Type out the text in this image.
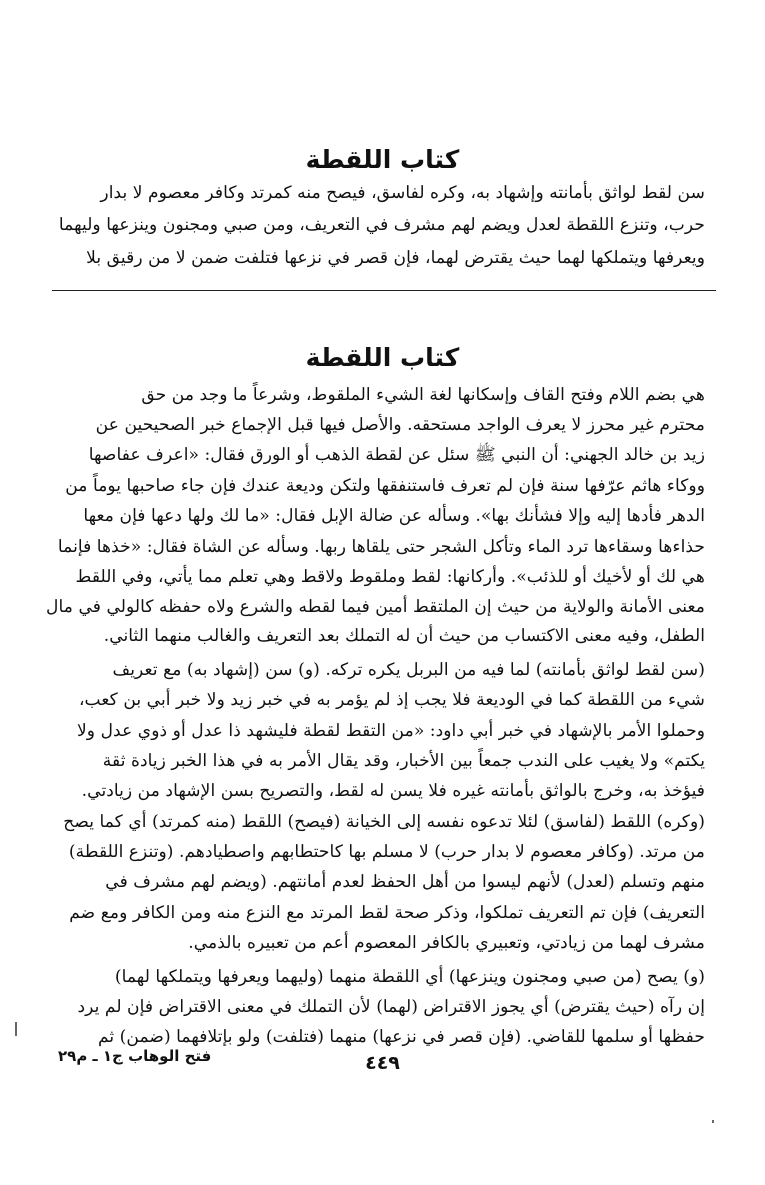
كتاب اللقطة
سن لقط لواثق بأمانته وإشهاد به، وكره لفاسق، فيصح منه كمرتد وكافر معصوم لا بدار
حرب، وتنزع اللقطة لعدل ويضم لهم مشرف في التعريف، ومن صبي ومجنون وينزعها وليهما
ويعرفها ويتملكها لهما حيث يقترض لهما، فإن قصر في نزعها فتلفت ضمن لا من رقيق بلا
كتاب اللقطة
هي بضم اللام وفتح القاف وإسكانها لغة الشيء الملقوط، وشرعاً ما وجد من حق
محترم غير محرز لا يعرف الواجد مستحقه. والأصل فيها قبل الإجماع خبر الصحيحين عن
زيد بن خالد الجهني: أن النبي ﷺ سئل عن لقطة الذهب أو الورق فقال: «اعرف عفاصها
ووكاء هاثم عرّفها سنة فإن لم تعرف فاستنفقها ولتكن وديعة عندك فإن جاء صاحبها يوماً من
الدهر فأدها إليه وإلا فشأنك بها». وسأله عن ضالة الإبل فقال: «ما لك ولها دعها فإن معها
حذاءها وسقاءها ترد الماء وتأكل الشجر حتى يلقاها ربها. وسأله عن الشاة فقال: «خذها فإنما
هي لك أو لأخيك أو للذئب». وأركانها: لقط وملقوط ولاقط وهي تعلم مما يأتي، وفي اللقط
معنى الأمانة والولاية من حيث إن الملتقط أمين فيما لقطه والشرع ولاه حفظه كالولي في مال
الطفل، وفيه معنى الاكتساب من حيث أن له التملك بعد التعريف والغالب منهما الثاني.
(سن لقط لواثق بأمانته) لما فيه من البربل يكره تركه. (و) سن (إشهاد به) مع تعريف
شيء من اللقطة كما في الوديعة فلا يجب إذ لم يؤمر به في خبر زيد ولا خبر أبي بن كعب،
وحملوا الأمر بالإشهاد في خبر أبي داود: «من التقط لقطة فليشهد ذا عدل أو ذوي عدل ولا
يكتم» ولا يغيب على الندب جمعاً بين الأخبار، وقد يقال الأمر به في هذا الخبر زيادة ثقة
فيؤخذ به، وخرج بالواثق بأمانته غيره فلا يسن له لقط، والتصريح بسن الإشهاد من زيادتي.
(وكره) اللقط (لفاسق) لئلا تدعوه نفسه إلى الخيانة (فيصح) اللقط (منه كمرتد) أي كما يصح
من مرتد. (وكافر معصوم لا بدار حرب) لا مسلم بها كاحتطابهم واصطيادهم. (وتنزع اللقطة)
منهم وتسلم (لعدل) لأنهم ليسوا من أهل الحفظ لعدم أمانتهم. (ويضم لهم مشرف في
التعريف) فإن تم التعريف تملكوا، وذكر صحة لقط المرتد مع النزع منه ومن الكافر ومع ضم
مشرف لهما من زيادتي، وتعبيري بالكافر المعصوم أعم من تعبيره بالذمي.
(و) يصح (من صبي ومجنون وينزعها) أي اللقطة منهما (وليهما ويعرفها ويتملكها لهما)
إن رآه (حيث يقترض) أي يجوز الاقتراض (لهما) لأن التملك في معنى الاقتراض فإن لم يرد
حفظها أو سلمها للقاضي. (فإن قصر في نزعها) منهما (فتلفت) ولو بإتلافهما (ضمن) ثم
فتح الوهاب ج١ ـ م٢٩	٤٤٩
